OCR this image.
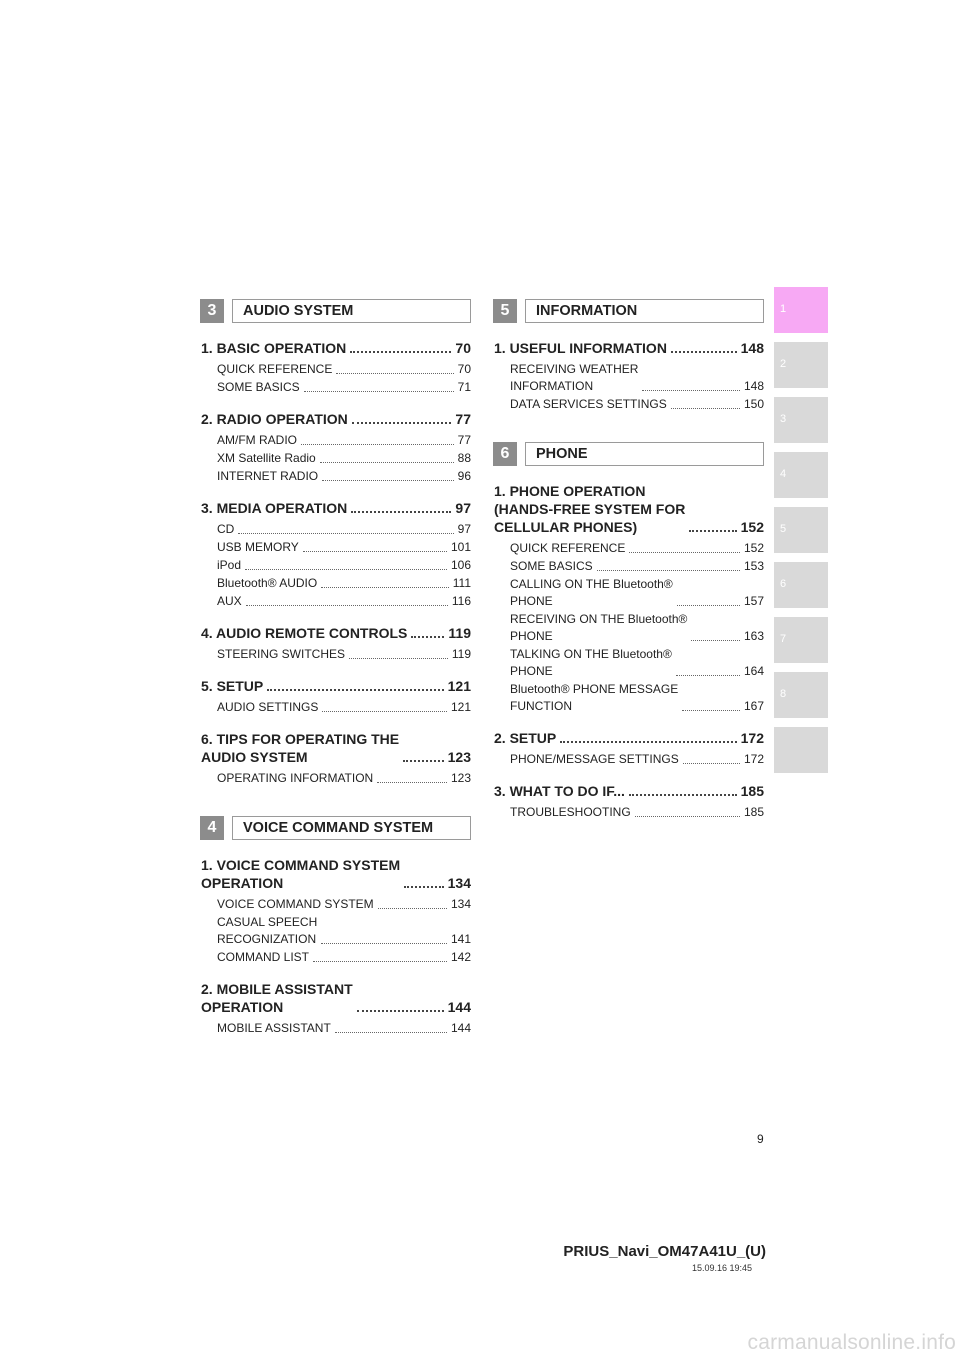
3	AUDIO SYSTEM
1. BASIC OPERATION	70
QUICK REFERENCE	70
SOME BASICS	71
2. RADIO OPERATION	77
AM/FM RADIO	77
XM Satellite Radio	88
INTERNET RADIO	96
3. MEDIA OPERATION	97
CD	97
USB MEMORY	101
iPod	106
Bluetooth® AUDIO	111
AUX	116
4. AUDIO REMOTE CONTROLS	119
STEERING SWITCHES	119
5. SETUP	121
AUDIO SETTINGS	121
6. TIPS FOR OPERATING THE
AUDIO SYSTEM	123
OPERATING INFORMATION	123
4	VOICE COMMAND SYSTEM
1. VOICE COMMAND SYSTEM
OPERATION	134
VOICE COMMAND SYSTEM	134
CASUAL SPEECH
RECOGNIZATION	141
COMMAND LIST	142
2. MOBILE ASSISTANT
OPERATION	144
MOBILE ASSISTANT	144
5	INFORMATION
1. USEFUL INFORMATION	148
RECEIVING WEATHER
INFORMATION	148
DATA SERVICES SETTINGS	150
6	PHONE
1. PHONE OPERATION
(HANDS-FREE SYSTEM FOR
CELLULAR PHONES)	152
QUICK REFERENCE	152
SOME BASICS	153
CALLING ON THE Bluetooth®
PHONE	157
RECEIVING ON THE Bluetooth®
PHONE	163
TALKING ON THE Bluetooth®
PHONE	164
Bluetooth® PHONE MESSAGE
FUNCTION	167
2. SETUP	172
PHONE/MESSAGE SETTINGS	172
3. WHAT TO DO IF...	185
TROUBLESHOOTING	185
1
2
3
4
5
6
7
8
9
PRIUS_Navi_OM47A41U_(U)
15.09.16 19:45
carmanualsonline.info
